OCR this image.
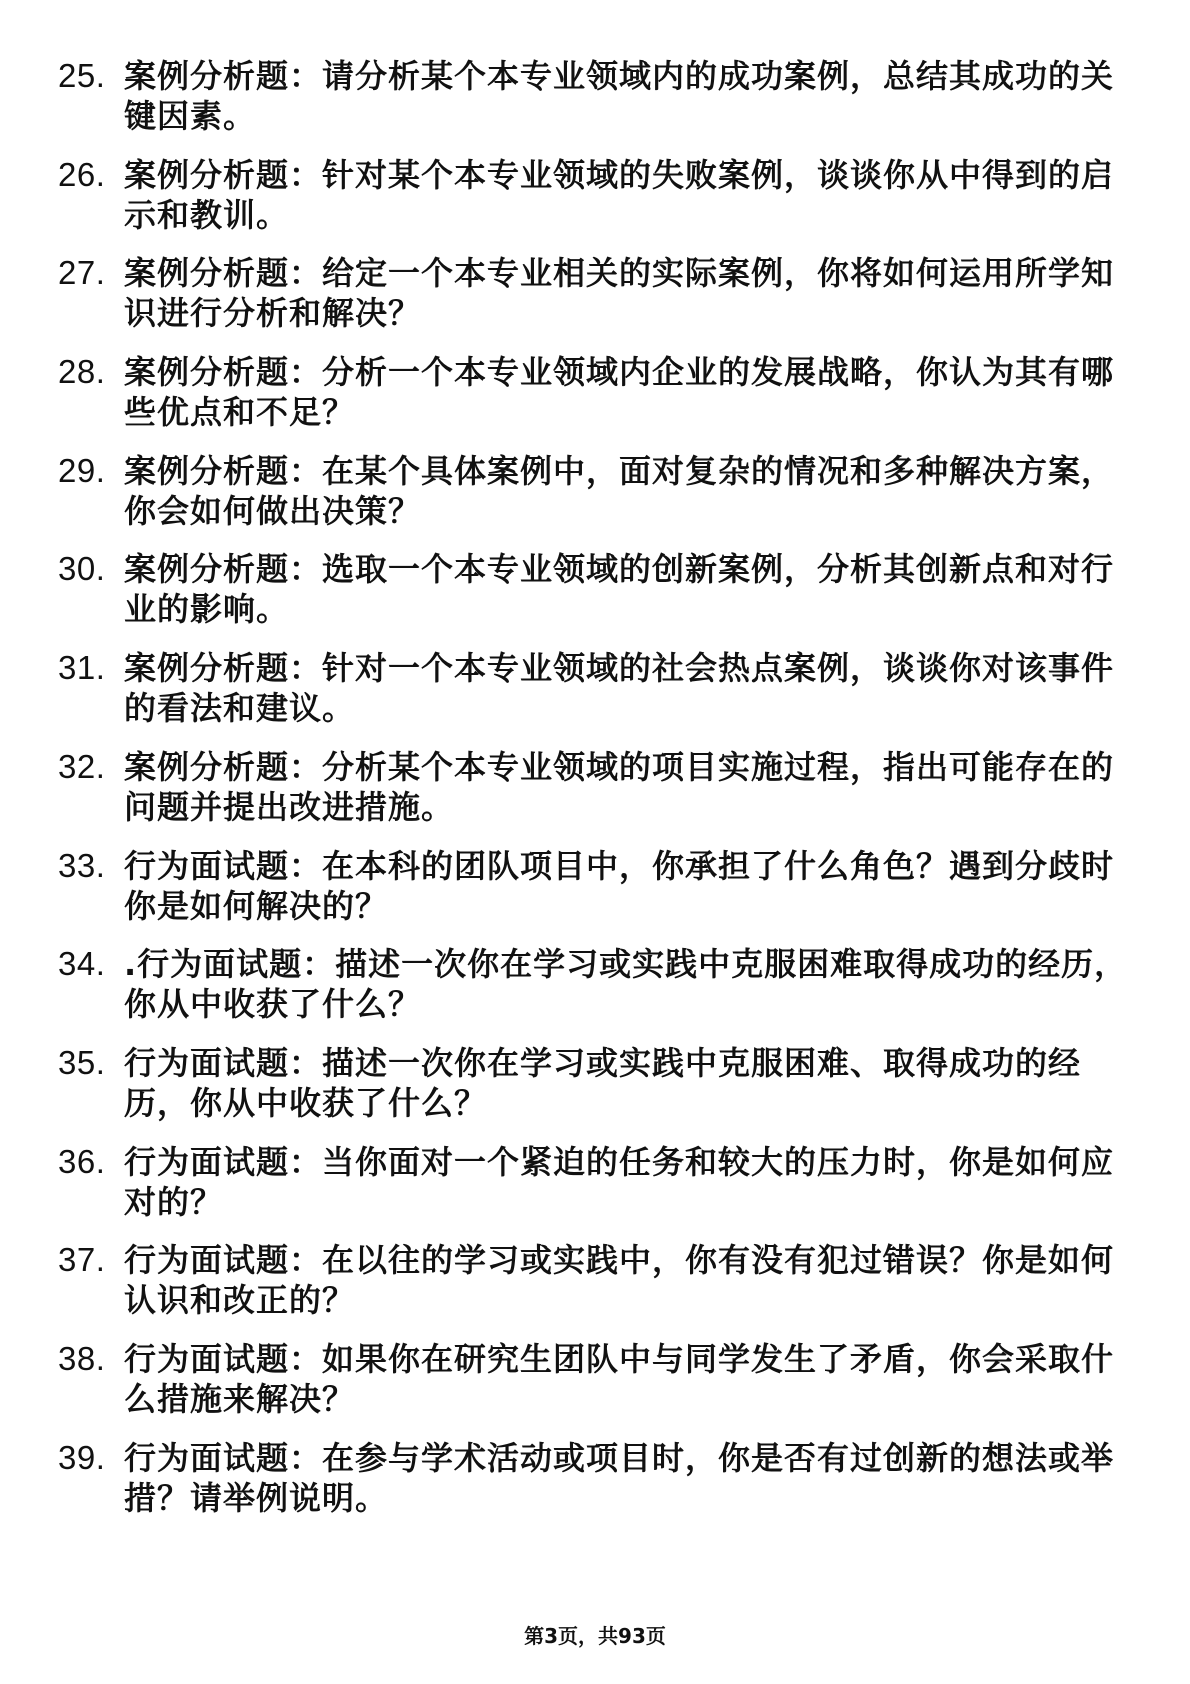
25. 案例分析题：请分析某个本专业领域内的成功案例，总结其成功的关键因素。
26. 案例分析题：针对某个本专业领域的失败案例，谈谈你从中得到的启示和教训。
27. 案例分析题：给定一个本专业相关的实际案例，你将如何运用所学知识进行分析和解决？
28. 案例分析题：分析一个本专业领域内企业的发展战略，你认为其有哪些优点和不足？
29. 案例分析题：在某个具体案例中，面对复杂的情况和多种解决方案，你会如何做出决策？
30. 案例分析题：选取一个本专业领域的创新案例，分析其创新点和对行业的影响。
31. 案例分析题：针对一个本专业领域的社会热点案例，谈谈你对该事件的看法和建议。
32. 案例分析题：分析某个本专业领域的项目实施过程，指出可能存在的问题并提出改进措施。
33. 行为面试题：在本科的团队项目中，你承担了什么角色？遇到分歧时你是如何解决的？
34. .行为面试题：描述一次你在学习或实践中克服困难取得成功的经历，你从中收获了什么？
35. 行为面试题：描述一次你在学习或实践中克服困难、取得成功的经历，你从中收获了什么？
36. 行为面试题：当你面对一个紧迫的任务和较大的压力时，你是如何应对的？
37. 行为面试题：在以往的学习或实践中，你有没有犯过错误？你是如何认识和改正的？
38. 行为面试题：如果你在研究生团队中与同学发生了矛盾，你会采取什么措施来解决？
39. 行为面试题：在参与学术活动或项目时，你是否有过创新的想法或举措？请举例说明。
第3页，共93页
